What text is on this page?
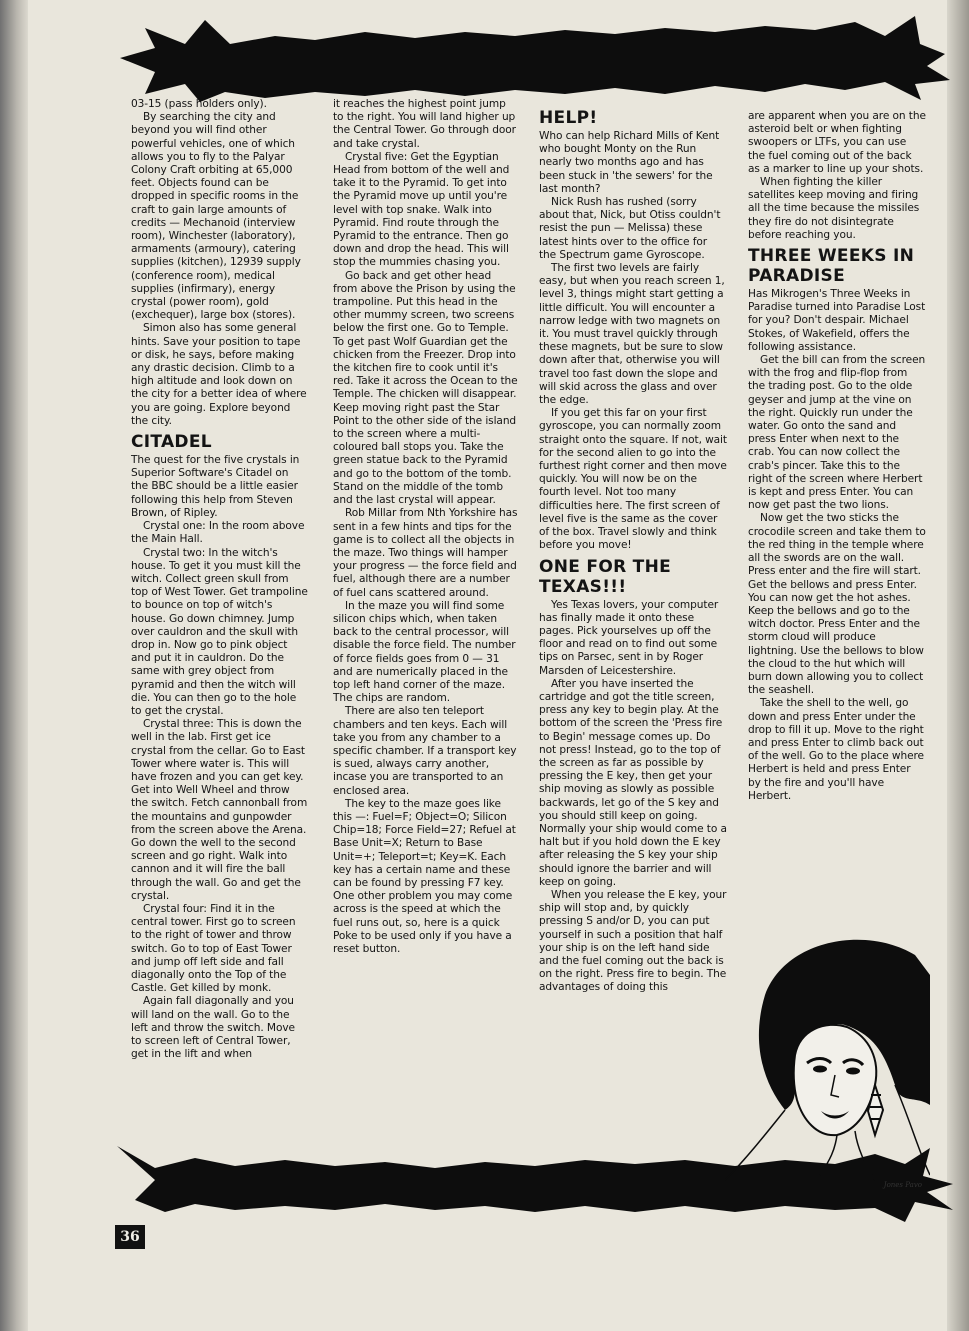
03-15 (pass holders only).

By searching the city and beyond you will find other powerful vehicles, one of which allows you to fly to the Palyar Colony Craft orbiting at 65,000 feet. Objects found can be dropped in specific rooms in the craft to gain large amounts of credits — Mechanoid (interview room), Winchester (laboratory), armaments (armoury), catering supplies (kitchen), 12939 supply (conference room), medical supplies (infirmary), energy crystal (power room), gold (exchequer), large box (stores).

Simon also has some general hints. Save your position to tape or disk, he says, before making any drastic decision. Climb to a high altitude and look down on the city for a better idea of where you are going. Explore beyond the city.

CITADEL

The quest for the five crystals in Superior Software's Citadel on the BBC should be a little easier following this help from Steven Brown, of Ripley.

Crystal one: In the room above the Main Hall.

Crystal two: In the witch's house. To get it you must kill the witch. Collect green skull from top of West Tower. Get trampoline to bounce on top of witch's house. Go down chimney. Jump over cauldron and the skull with drop in. Now go to pink object and put it in cauldron. Do the same with grey object from pyramid and then the witch will die. You can then go to the hole to get the crystal.

Crystal three: This is down the well in the lab. First get ice crystal from the cellar. Go to East Tower where water is. This will have frozen and you can get key. Get into Well Wheel and throw the switch. Fetch cannonball from the mountains and gunpowder from the screen above the Arena. Go down the well to the second screen and go right. Walk into cannon and it will fire the ball through the wall. Go and get the crystal.

Crystal four: Find it in the central tower. First go to screen to the right of tower and throw switch. Go to top of East Tower and jump off left side and fall diagonally onto the Top of the Castle. Get killed by monk.

Again fall diagonally and you will land on the wall. Go to the left and throw the switch. Move to screen left of Central Tower, get in the lift and when

it reaches the highest point jump to the right. You will land higher up the Central Tower. Go through door and take crystal.

Crystal five: Get the Egyptian Head from bottom of the well and take it to the Pyramid. To get into the Pyramid move up until you're level with top snake. Walk into Pyramid. Find route through the Pyramid to the entrance. Then go down and drop the head. This will stop the mummies chasing you.

Go back and get other head from above the Prison by using the trampoline. Put this head in the other mummy screen, two screens below the first one. Go to Temple. To get past Wolf Guardian get the chicken from the Freezer. Drop into the kitchen fire to cook until it's red. Take it across the Ocean to the Temple. The chicken will disappear. Keep moving right past the Star Point to the other side of the island to the screen where a multi-coloured ball stops you. Take the green statue back to the Pyramid and go to the bottom of the tomb. Stand on the middle of the tomb and the last crystal will appear.

Rob Millar from Nth Yorkshire has sent in a few hints and tips for the game is to collect all the objects in the maze. Two things will hamper your progress — the force field and fuel, although there are a number of fuel cans scattered around.

In the maze you will find some silicon chips which, when taken back to the central processor, will disable the force field. The number of force fields goes from 0 — 31 and are numerically placed in the top left hand corner of the maze. The chips are random.

There are also ten teleport chambers and ten keys. Each will take you from any chamber to a specific chamber. If a transport key is sued, always carry another, incase you are transported to an enclosed area.

The key to the maze goes like this —: Fuel=F; Object=O; Silicon Chip=18; Force Field=27; Refuel at Base Unit=X; Return to Base Unit=+; Teleport=t; Key=K. Each key has a certain name and these can be found by pressing F7 key. One other problem you may come across is the speed at which the fuel runs out, so, here is a quick Poke to be used only if you have a reset button.

HELP!

Who can help Richard Mills of Kent who bought Monty on the Run nearly two months ago and has been stuck in 'the sewers' for the last month?

Nick Rush has rushed (sorry about that, Nick, but Otiss couldn't resist the pun — Melissa) these latest hints over to the office for the Spectrum game Gyroscope.

The first two levels are fairly easy, but when you reach screen 1, level 3, things might start getting a little difficult. You will encounter a narrow ledge with two magnets on it. You must travel quickly through these magnets, but be sure to slow down after that, otherwise you will travel too fast down the slope and will skid across the glass and over the edge.

If you get this far on your first gyroscope, you can normally zoom straight onto the square. If not, wait for the second alien to go into the furthest right corner and then move quickly. You will now be on the fourth level. Not too many difficulties here. The first screen of level five is the same as the cover of the box. Travel slowly and think before you move!

ONE FOR THE TEXAS!!!

Yes Texas lovers, your computer has finally made it onto these pages. Pick yourselves up off the floor and read on to find out some tips on Parsec, sent in by Roger Marsden of Leicestershire.

After you have inserted the cartridge and got the title screen, press any key to begin play. At the bottom of the screen the 'Press fire to Begin' message comes up. Do not press! Instead, go to the top of the screen as far as possible by pressing the E key, then get your ship moving as slowly as possible backwards, let go of the S key and you should still keep on going. Normally your ship would come to a halt but if you hold down the E key after releasing the S key your ship should ignore the barrier and will keep on going.

When you release the E key, your ship will stop and, by quickly pressing S and/or D, you can put yourself in such a position that half your ship is on the left hand side and the fuel coming out the back is on the right. Press fire to begin. The advantages of doing this

are apparent when you are on the asteroid belt or when fighting swoopers or LTFs, you can use the fuel coming out of the back as a marker to line up your shots.

When fighting the killer satellites keep moving and firing all the time because the missiles they fire do not disintegrate before reaching you.

THREE WEEKS IN PARADISE

Has Mikrogen's Three Weeks in Paradise turned into Paradise Lost for you? Don't despair. Michael Stokes, of Wakefield, offers the following assistance.

Get the bill can from the screen with the frog and flip-flop from the trading post. Go to the olde geyser and jump at the vine on the right. Quickly run under the water. Go onto the sand and press Enter when next to the crab. You can now collect the crab's pincer. Take this to the right of the screen where Herbert is kept and press Enter. You can now get past the two lions.

Now get the two sticks the crocodile screen and take them to the red thing in the temple where all the swords are on the wall. Press enter and the fire will start. Get the bellows and press Enter. You can now get the hot ashes. Keep the bellows and go to the witch doctor. Press Enter and the storm cloud will produce lightning. Use the bellows to blow the cloud to the hut which will burn down allowing you to collect the seashell.

Take the shell to the well, go down and press Enter under the drop to fill it up. Move to the right and press Enter to climb back out of the well. Go to the place where Herbert is held and press Enter by the fire and you'll have Herbert.

Jones Pavo
36
